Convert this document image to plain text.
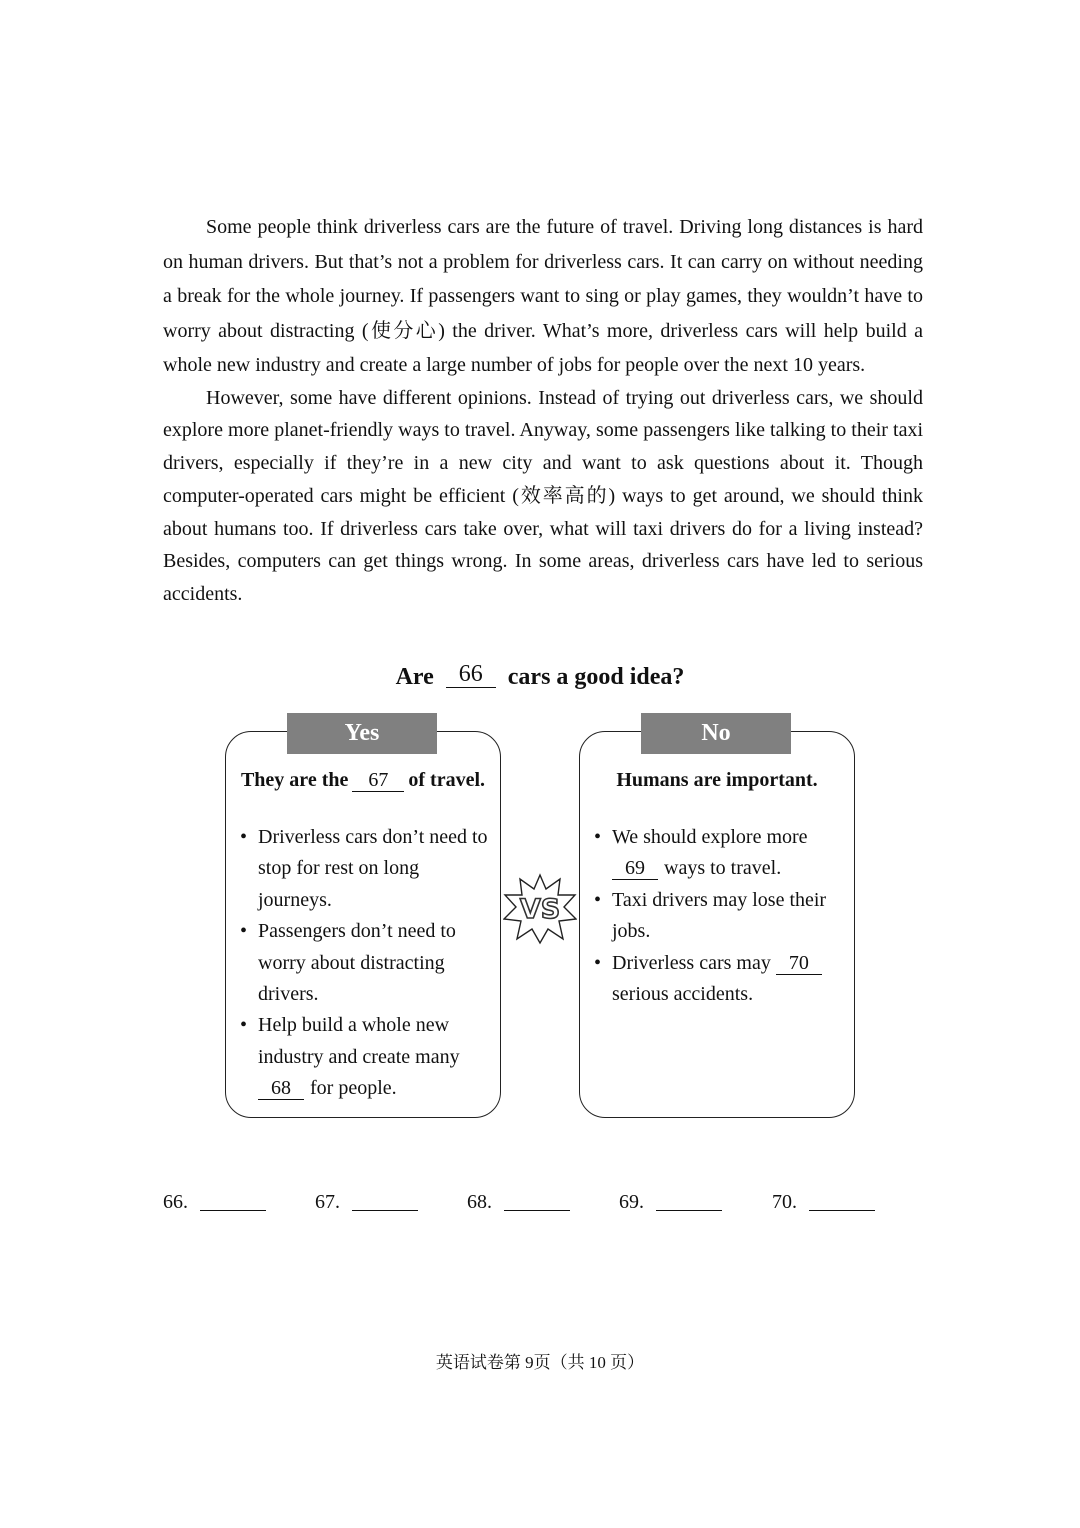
Some people think driverless cars are the future of travel. Driving long distances is hard on human drivers. But that’s not a problem for driverless cars. It can carry on without needing a break for the whole journey. If passengers want to sing or play games, they wouldn’t have to worry about distracting (使分心) the driver. What’s more, driverless cars will help build a whole new industry and create a large number of jobs for people over the next 10 years.

However, some have different opinions. Instead of trying out driverless cars, we should explore more planet-friendly ways to travel. Anyway, some passengers like talking to their taxi drivers, especially if they’re in a new city and want to ask questions about it. Though computer-operated cars might be efficient (效率高的) ways to get around, we should think about humans too. If driverless cars take over, what will taxi drivers do for a living instead? Besides, computers can get things wrong. In some areas, driverless cars have led to serious accidents.

Are 66 cars a good idea?
Yes
They are the 67 of travel.
• Driverless cars don’t need to stop for rest on long journeys.
• Passengers don’t need to worry about distracting drivers.
• Help build a whole new industry and create many
68 for people.
VS
No
Humans are important.
• We should explore more
69 ways to travel.
• Taxi drivers may lose their jobs.
• Driverless cars may 70
serious accidents.
66.	67.	68.	69.	70.
英语试卷第 9页（共 10 页）
